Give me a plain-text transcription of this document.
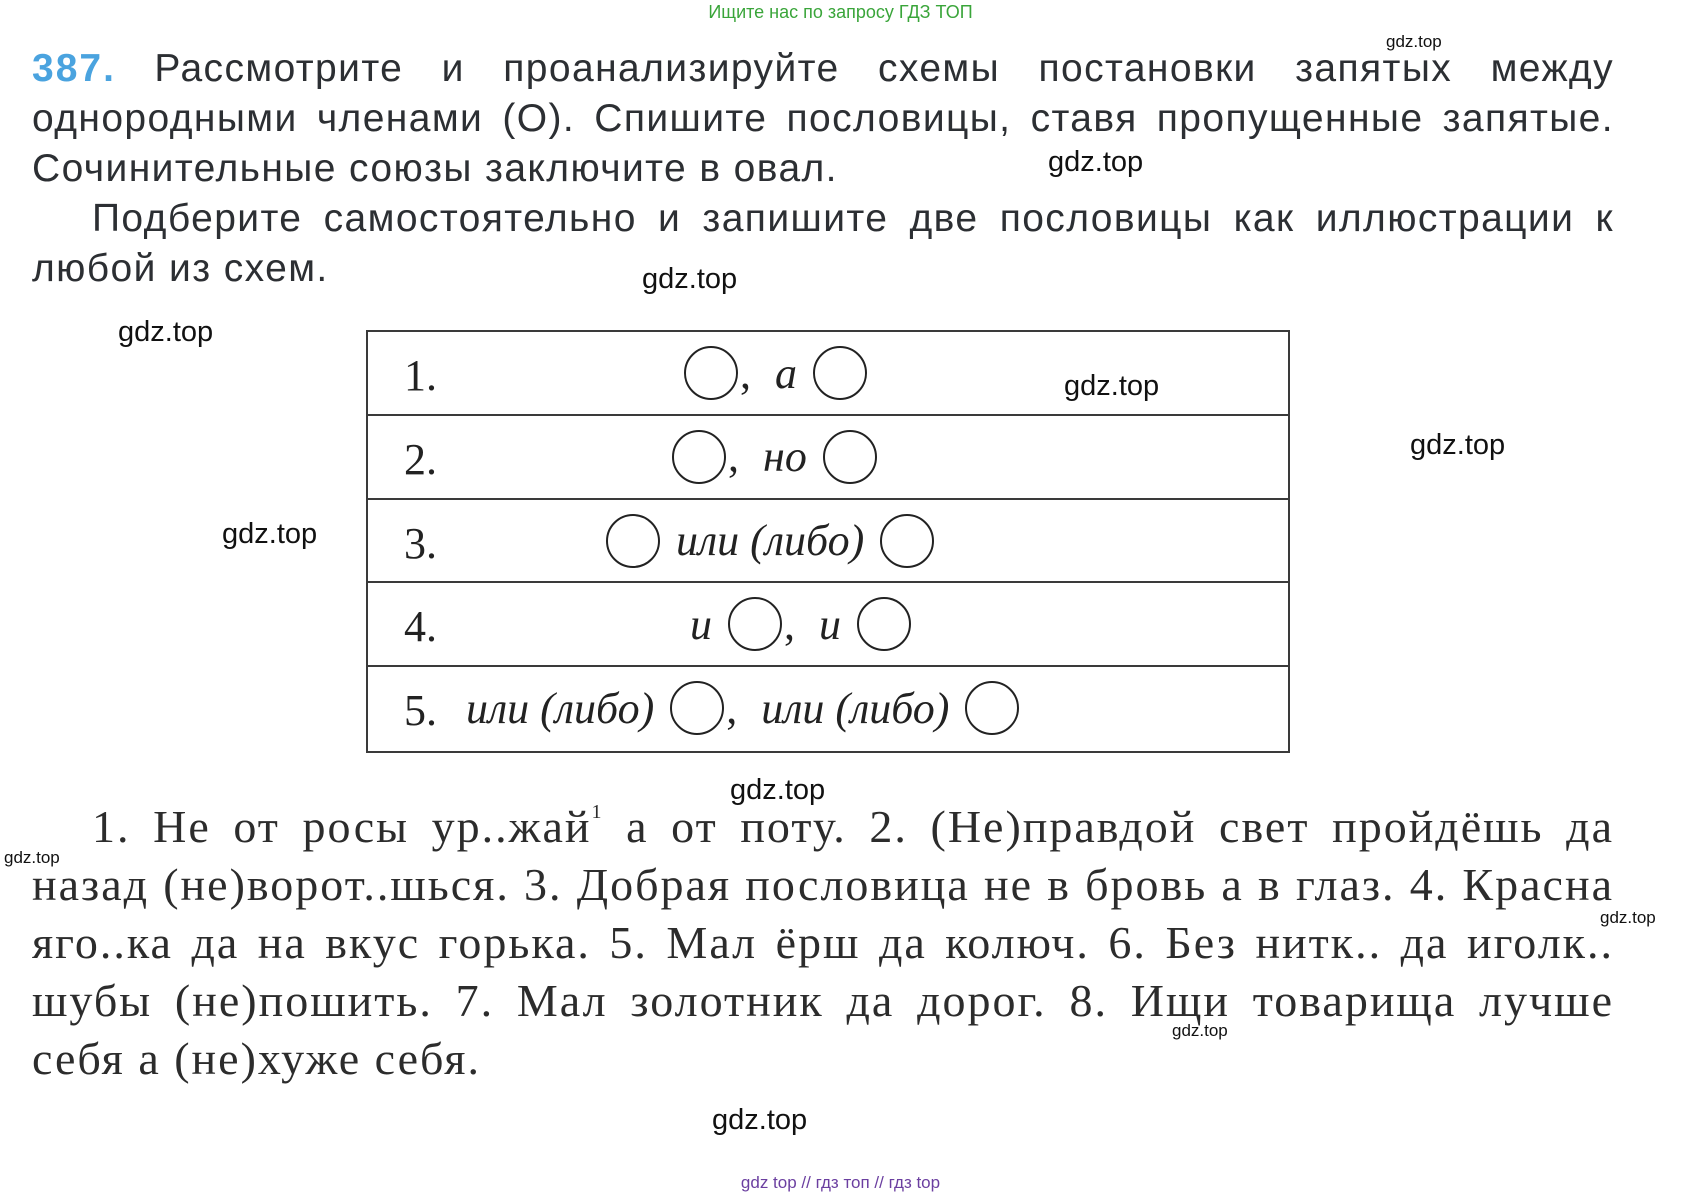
Ищите нас по запросу ГДЗ ТОП

387. Рассмотрите и проанализируйте схемы постановки запятых между однородными членами (О). Спишите пословицы, ставя пропущенные запятые. Сочинительные союзы заключите в овал.

Подберите самостоятельно и запишите две пословицы как иллюстрации к любой из схем.

1.	, а
2.	, но
3.	или (либо)
4.	и , и
5. или (либо) , или (либо)

1. Не от росы ур..жай$^1$ а от поту. 2. (Не)правдой свет пройдёшь да назад (не)ворот..шься. 3. Добрая пословица не в бровь а в глаз. 4. Красна яго..ка да на вкус горька. 5. Мал ёрш да колюч. 6. Без нитк.. да иголк.. шубы (не)пошить. 7. Мал золотник да дорог. 8. Ищи товарища лучше себя а (не)хуже себя.

gdz.top
gdz.top
gdz.top
gdz.top
gdz.top
gdz.top
gdz.top
gdz.top
gdz.top
gdz.top
gdz.top
gdz.top
gdz top // гдз топ // гдз top
